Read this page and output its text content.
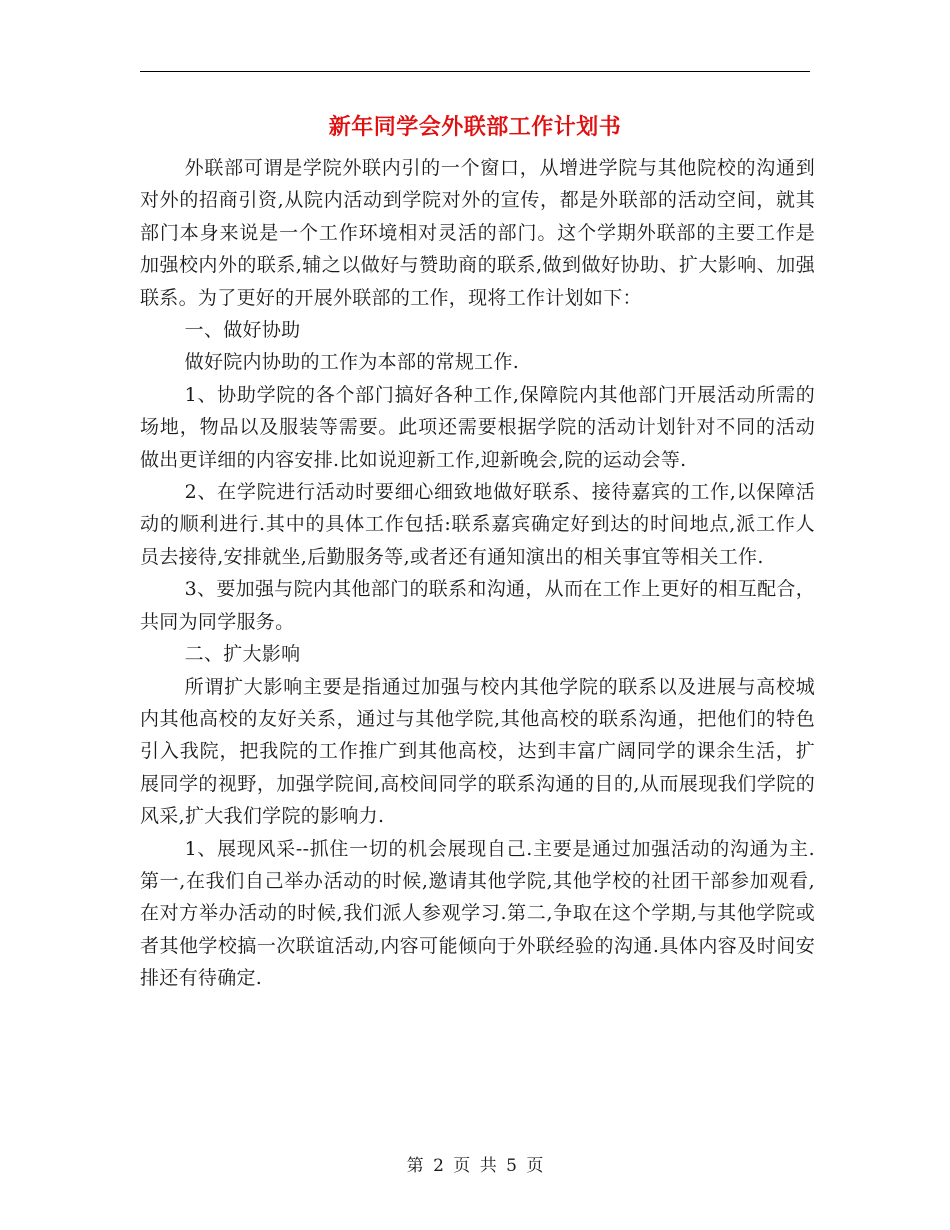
新年同学会外联部工作计划书

外联部可谓是学院外联内引的一个窗口，从增进学院与其他院校的沟通到对外的招商引资,从院内活动到学院对外的宣传，都是外联部的活动空间，就其部门本身来说是一个工作环境相对灵活的部门。这个学期外联部的主要工作是加强校内外的联系,辅之以做好与赞助商的联系,做到做好协助、扩大影响、加强联系。为了更好的开展外联部的工作，现将工作计划如下：

一、做好协助

做好院内协助的工作为本部的常规工作.

1、协助学院的各个部门搞好各种工作,保障院内其他部门开展活动所需的场地，物品以及服装等需要。此项还需要根据学院的活动计划针对不同的活动做出更详细的内容安排.比如说迎新工作,迎新晚会,院的运动会等.

2、在学院进行活动时要细心细致地做好联系、接待嘉宾的工作,以保障活动的顺利进行.其中的具体工作包括:联系嘉宾确定好到达的时间地点,派工作人员去接待,安排就坐,后勤服务等,或者还有通知演出的相关事宜等相关工作.

3、要加强与院内其他部门的联系和沟通，从而在工作上更好的相互配合，共同为同学服务。

二、扩大影响

所谓扩大影响主要是指通过加强与校内其他学院的联系以及进展与高校城内其他高校的友好关系，通过与其他学院,其他高校的联系沟通，把他们的特色引入我院，把我院的工作推广到其他高校，达到丰富广阔同学的课余生活，扩展同学的视野，加强学院间,高校间同学的联系沟通的目的,从而展现我们学院的风采,扩大我们学院的影响力.

1、展现风采--抓住一切的机会展现自己.主要是通过加强活动的沟通为主.第一,在我们自己举办活动的时候,邀请其他学院,其他学校的社团干部参加观看,在对方举办活动的时候,我们派人参观学习.第二,争取在这个学期,与其他学院或者其他学校搞一次联谊活动,内容可能倾向于外联经验的沟通.具体内容及时间安排还有待确定.

第 2 页 共 5 页
